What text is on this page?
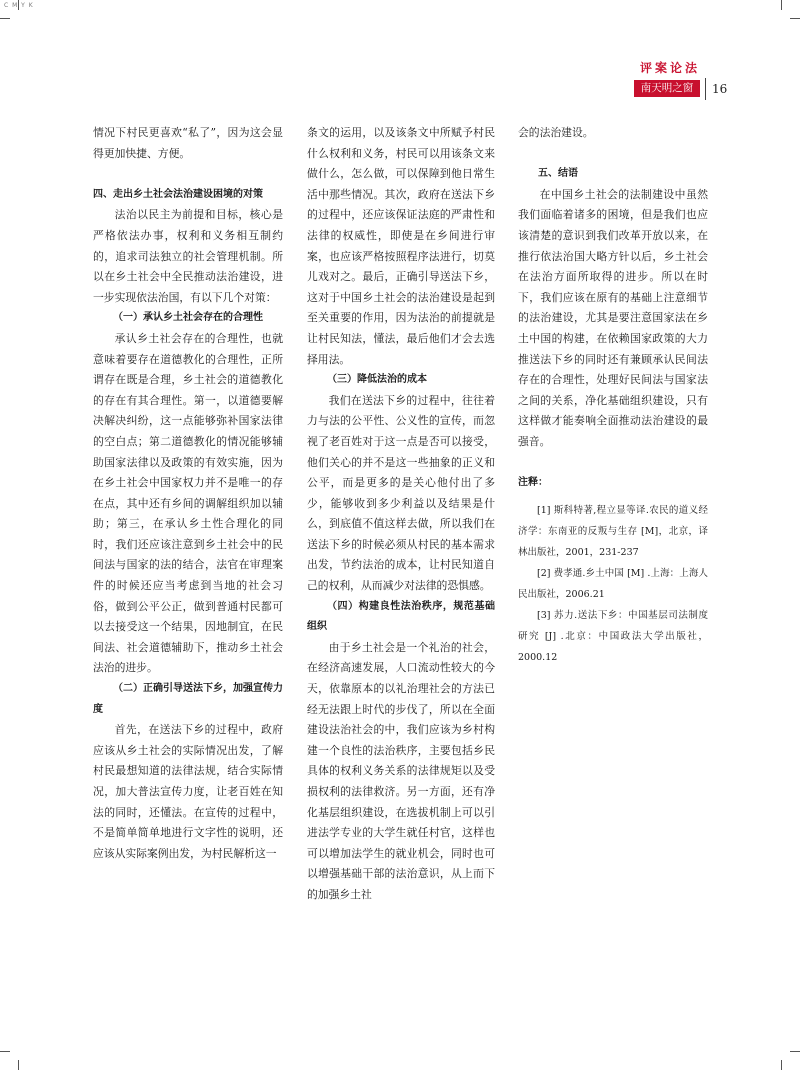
C M Y K
评案论法
南天明之窗	16

情况下村民更喜欢“私了”，因为这会显得更加快捷、方便。

四、走出乡土社会法治建设困境的对策

法治以民主为前提和目标，核心是严格依法办事，权利和义务相互制约的，追求司法独立的社会管理机制。所以在乡土社会中全民推动法治建设，进一步实现依法治国，有以下几个对策：

（一）承认乡土社会存在的合理性

承认乡土社会存在的合理性，也就意味着要存在道德教化的合理性，正所谓存在既是合理，乡土社会的道德教化的存在有其合理性。第一，以道德要解决解决纠纷，这一点能够弥补国家法律的空白点；第二道德教化的情况能够辅助国家法律以及政策的有效实施，因为在乡土社会中国家权力并不是唯一的存在点，其中还有乡间的调解组织加以辅助；第三，在承认乡土性合理化的同时，我们还应该注意到乡土社会中的民间法与国家的法的结合，法官在审理案件的时候还应当考虑到当地的社会习俗，做到公平公正，做到普通村民都可以去接受这一个结果，因地制宜，在民间法、社会道德辅助下，推动乡土社会法治的进步。

（二）正确引导送法下乡，加强宣传力度

首先，在送法下乡的过程中，政府应该从乡土社会的实际情况出发，了解村民最想知道的法律法规，结合实际情况，加大普法宣传力度，让老百姓在知法的同时，还懂法。在宣传的过程中，不是简单简单地进行文字性的说明，还应该从实际案例出发，为村民解析这一

条文的运用，以及该条文中所赋予村民什么权利和义务，村民可以用该条文来做什么，怎么做，可以保障到他日常生活中那些情况。其次，政府在送法下乡的过程中，还应该保证法庭的严肃性和法律的权威性，即使是在乡间进行审案，也应该严格按照程序法进行，切莫儿戏对之。最后，正确引导送法下乡，这对于中国乡土社会的法治建设是起到至关重要的作用，因为法治的前提就是让村民知法，懂法，最后他们才会去选择用法。

（三）降低法治的成本

我们在送法下乡的过程中，往往着力与法的公平性、公义性的宣传，而忽视了老百姓对于这一点是否可以接受，他们关心的并不是这一些抽象的正义和公平，而是更多的是关心他付出了多少，能够收到多少利益以及结果是什么，到底值不值这样去做，所以我们在送法下乡的时候必须从村民的基本需求出发，节约法治的成本，让村民知道自己的权利，从而减少对法律的恐惧感。

（四）构建良性法治秩序，规范基础组织

由于乡土社会是一个礼治的社会，在经济高速发展，人口流动性较大的今天，依靠原本的以礼治理社会的方法已经无法跟上时代的步伐了，所以在全面建设法治社会的中，我们应该为乡村构建一个良性的法治秩序，主要包括乡民具体的权利义务关系的法律规矩以及受损权利的法律救济。另一方面，还有净化基层组织建设，在选拔机制上可以引进法学专业的大学生就任村官，这样也可以增加法学生的就业机会，同时也可以增强基础干部的法治意识，从上而下的加强乡土社

会的法治建设。

五、结语

在中国乡土社会的法制建设中虽然我们面临着诸多的困境，但是我们也应该清楚的意识到我们改革开放以来，在推行依法治国大略方针以后，乡土社会在法治方面所取得的进步。所以在时下，我们应该在原有的基础上注意细节的法治建设，尤其是要注意国家法在乡土中国的构建，在依赖国家政策的大力推送法下乡的同时还有兼顾承认民间法存在的合理性，处理好民间法与国家法之间的关系，净化基础组织建设，只有这样做才能奏响全面推动法治建设的最强音。

注释：

[1] 斯科特著,程立显等译.农民的道义经济学：东南亚的反叛与生存 [M]，北京，译林出版社，2001，231-237

[2] 费孝通.乡土中国 [M] .上海：上海人民出版社，2006.21

[3] 苏力.送法下乡：中国基层司法制度研究 [J] .北京：中国政法大学出版社，2000.12
